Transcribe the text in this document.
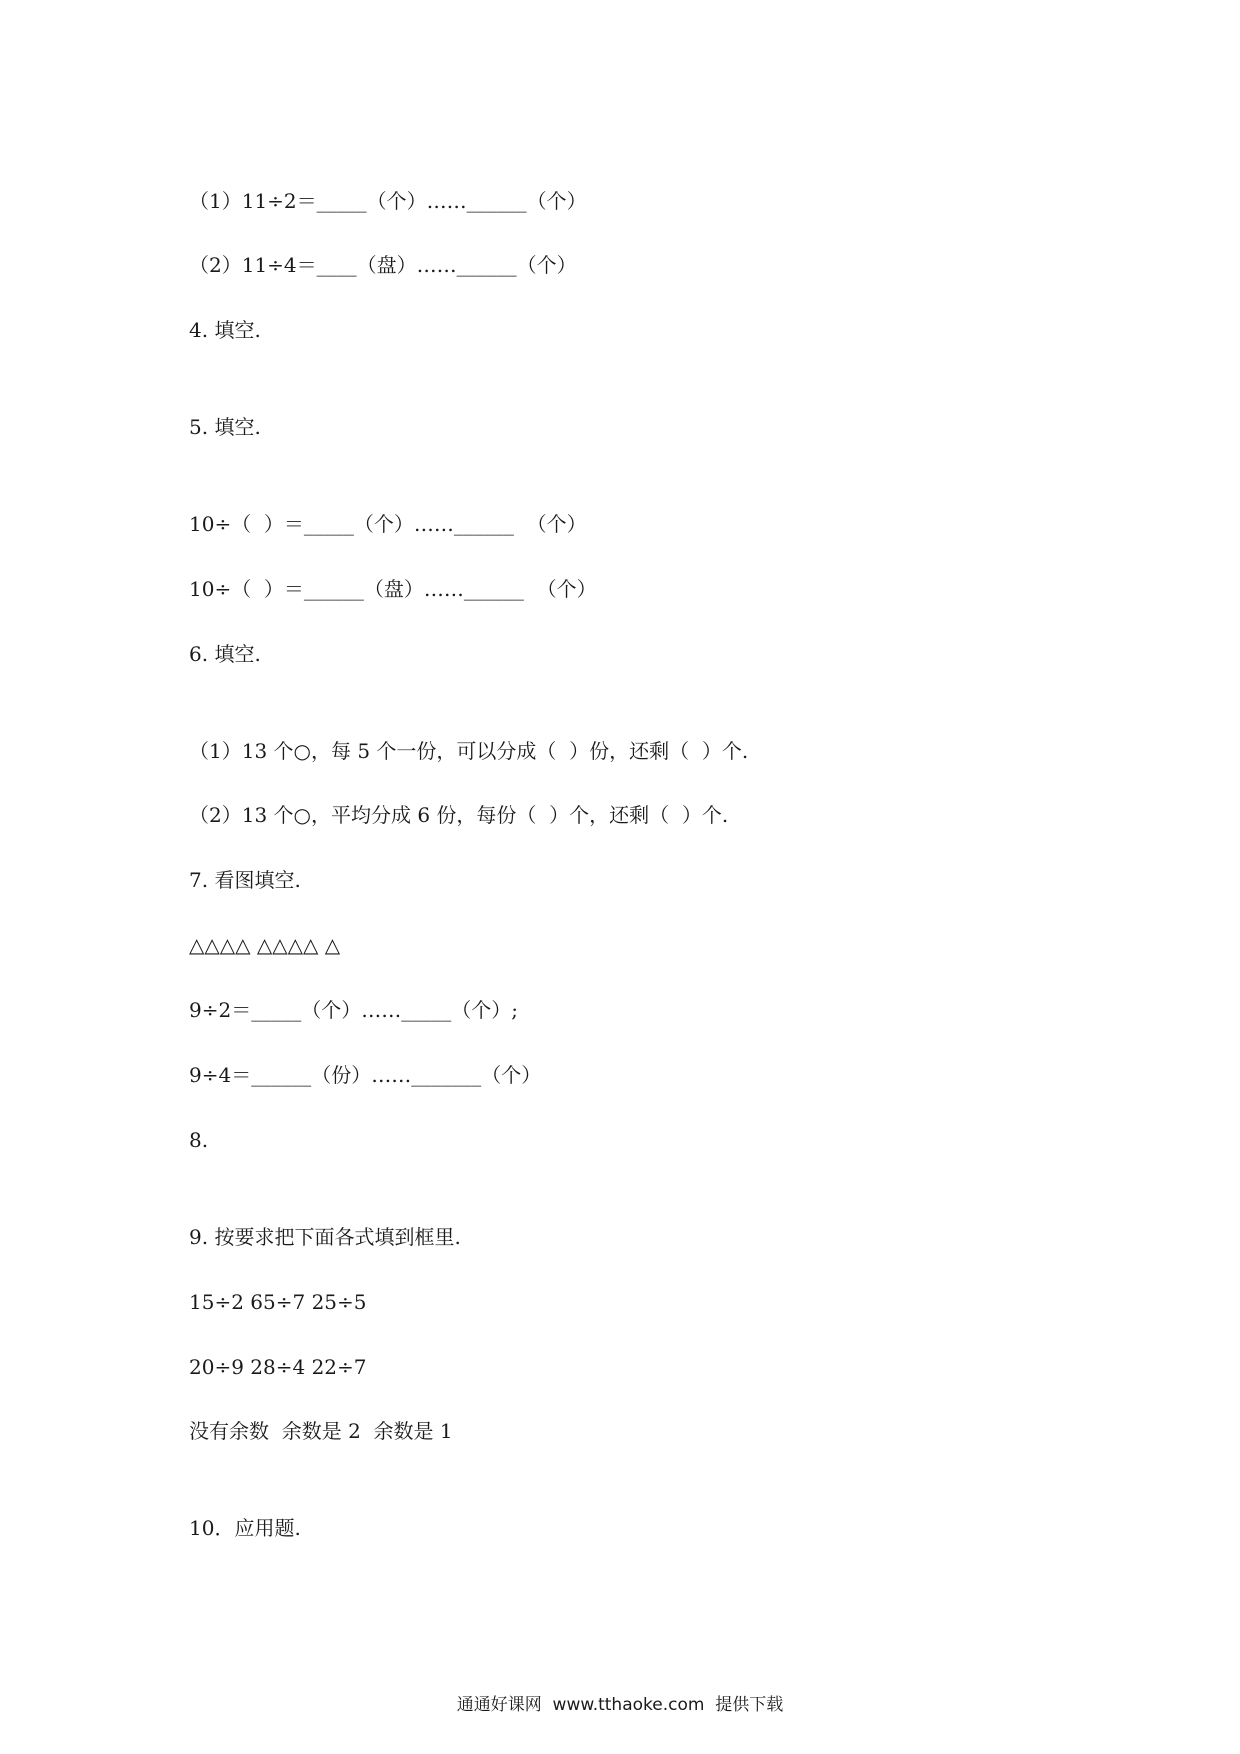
（1）11÷2＝_____（个）……______（个）
（2）11÷4＝____（盘）……______（个）
4. 填空.
5. 填空.
10÷（  ）＝_____（个）……______  （个）
10÷（  ）＝______（盘）……______  （个）
6. 填空.
（1）13 个○，每 5 个一份，可以分成（  ）份，还剩（  ）个.
（2）13 个○，平均分成 6 份，每份（  ）个，还剩（  ）个.
7. 看图填空.
△△△△ △△△△ △
9÷2＝_____（个）……_____（个）;
9÷4＝______（份）……_______（个）
8.
9. 按要求把下面各式填到框里.
15÷2 65÷7 25÷5
20÷9 28÷4 22÷7
没有余数  余数是 2  余数是 1
10．应用题.
通通好课网  www.tthaoke.com  提供下载
